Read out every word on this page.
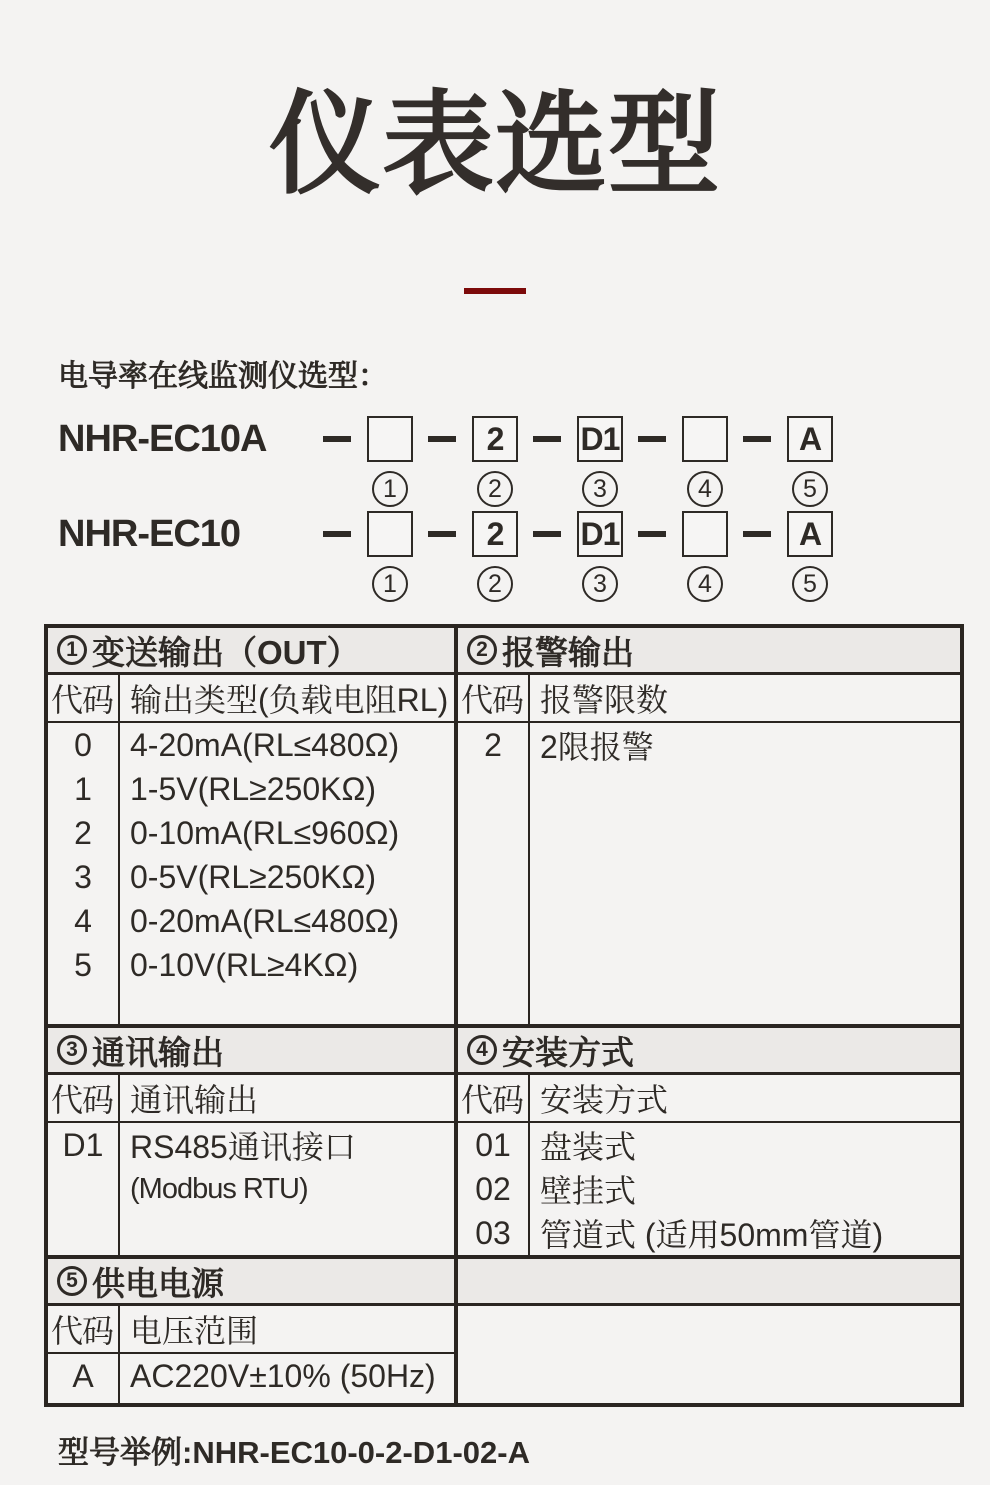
仪表选型
电导率在线监测仪选型：
NHR-EC10A
1
2
2
D1
3	4
A
5
NHR-EC10
1
2
2
D1
3	4
A
5
1 变送输出（OUT）
代码
0
1
2
3
4
5
输出类型(负载电阻RL)
4-20mA(RL≤480Ω)
1-5V(RL≥250KΩ)
0-10mA(RL≤960Ω)
0-5V(RL≥250KΩ)
0-20mA(RL≤480Ω)
0-10V(RL≥4KΩ)
2 报警输出
代码
2
报警限数
2限报警
3 通讯输出
代码
D1
通讯输出
RS485通讯接口
(Modbus RTU)
4 安装方式
代码
01
02
03
安装方式
盘装式
壁挂式
管道式 (适用50mm管道)
5 供电电源
代码
A
电压范围
AC220V±10% (50Hz)
型号举例:NHR-EC10-0-2-D1-02-A
